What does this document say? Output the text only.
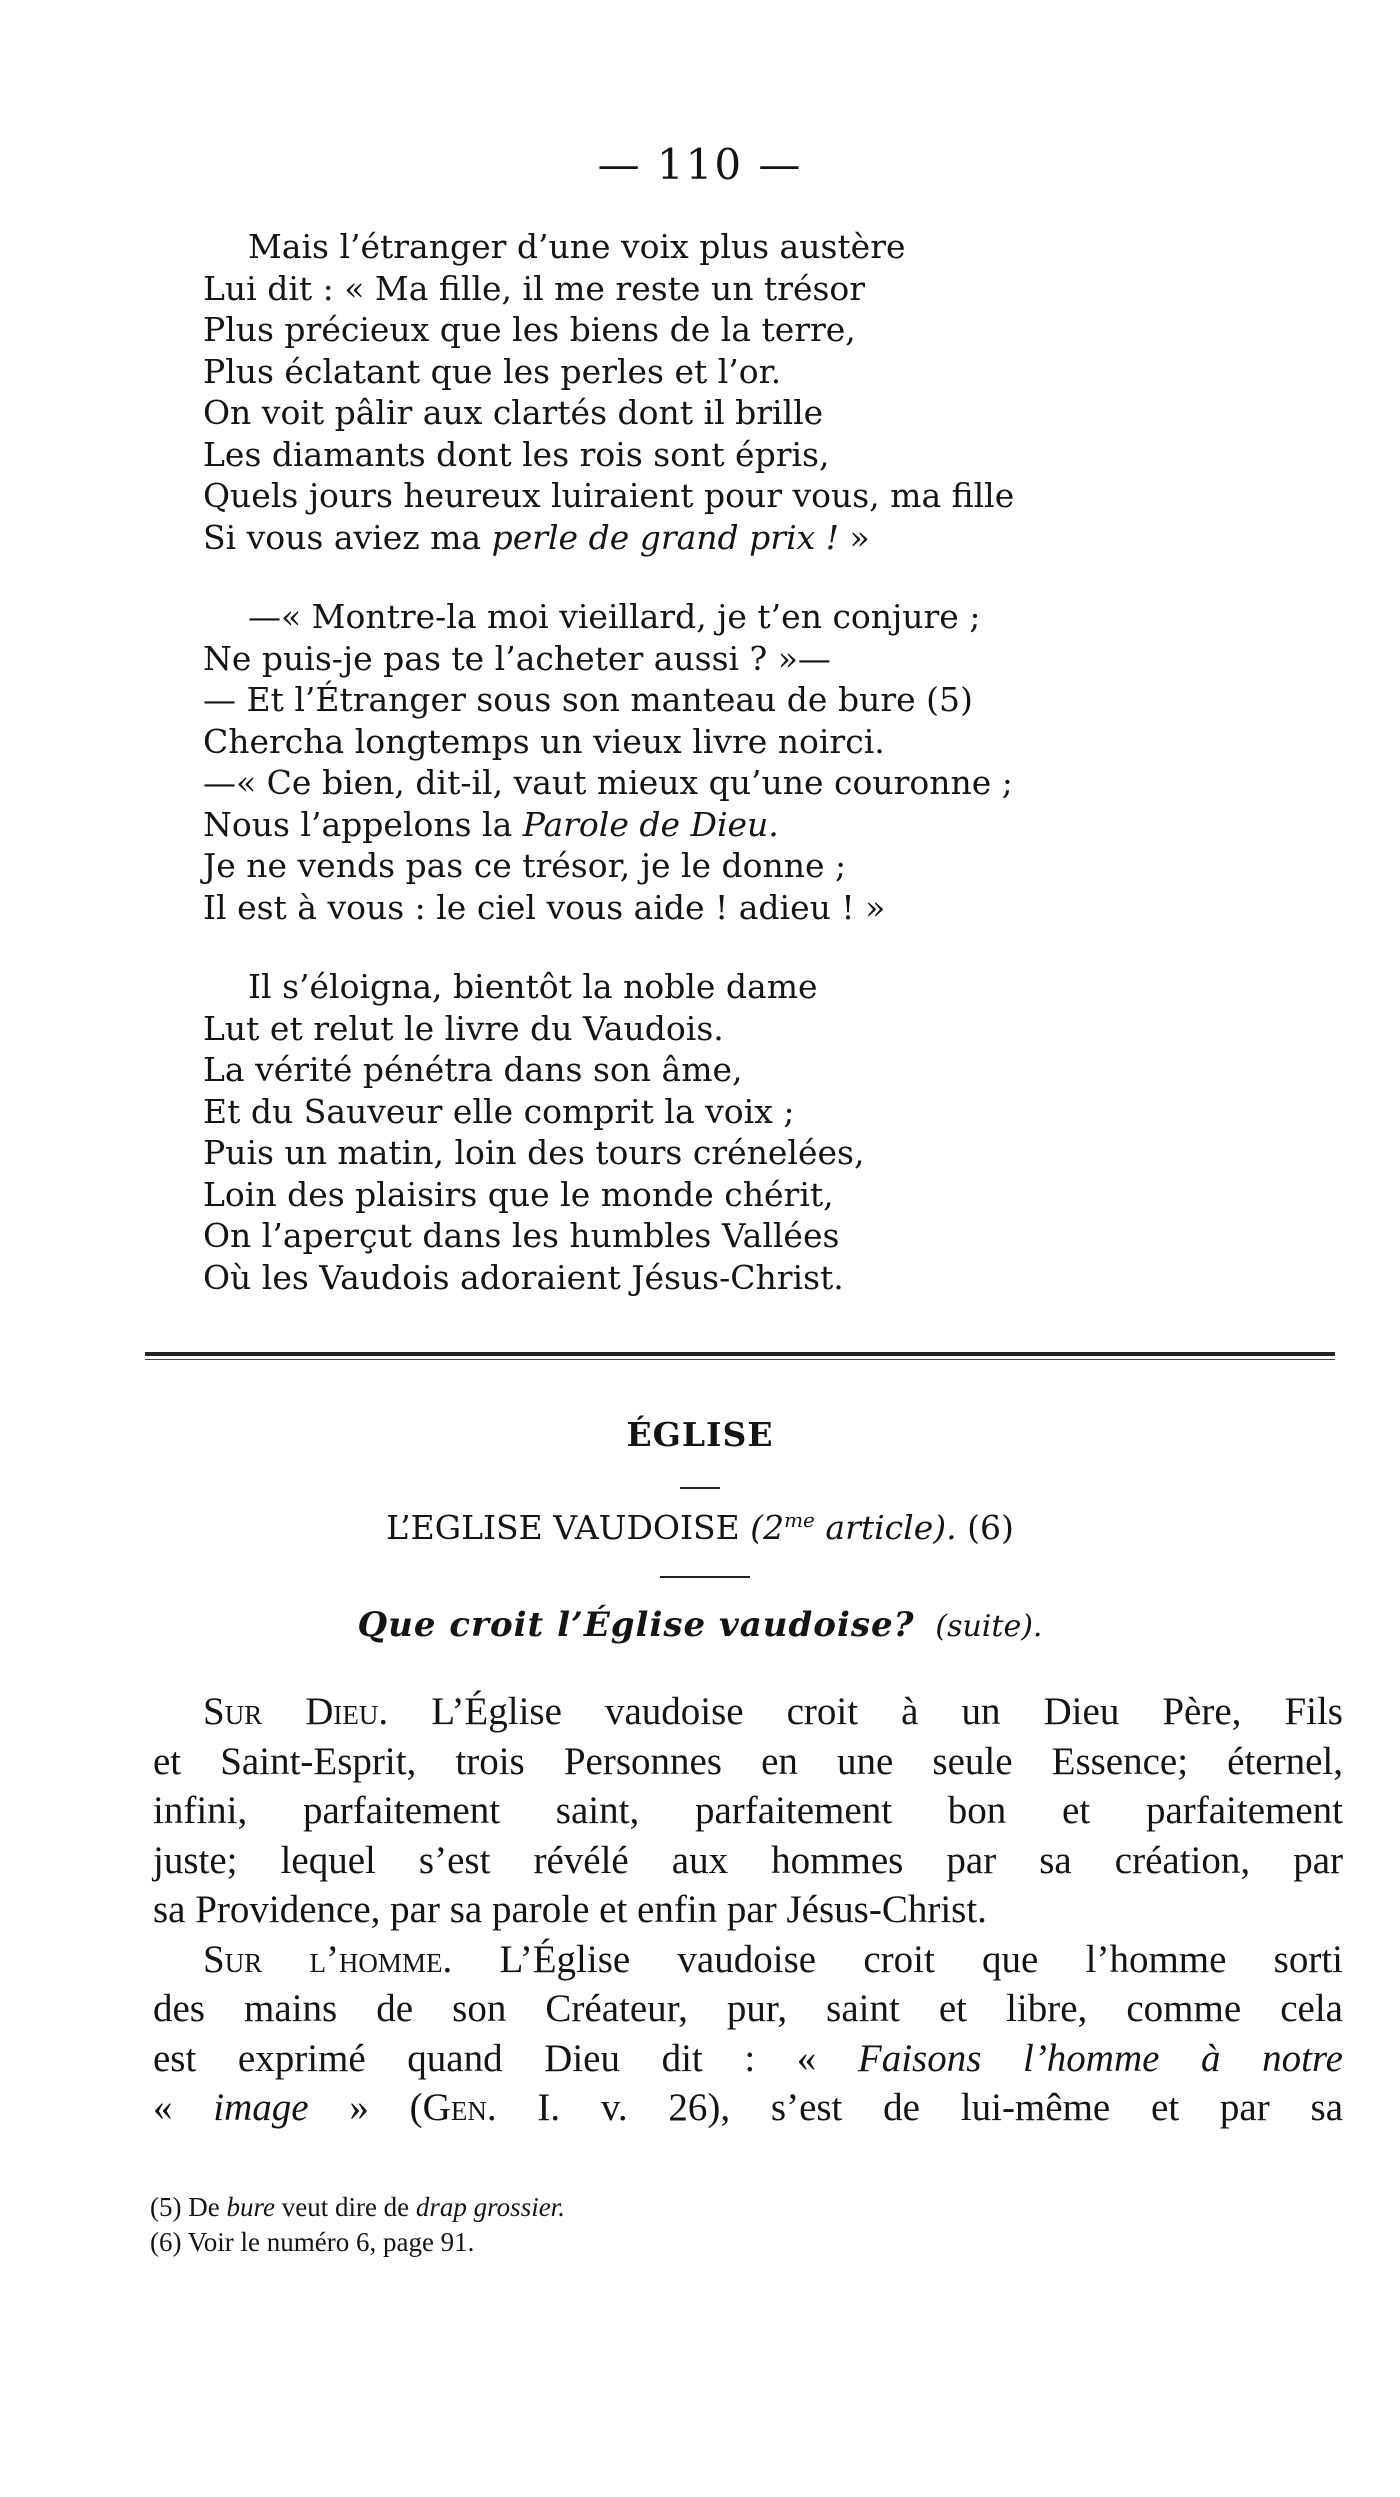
— 110 —
Mais l’étranger d’une voix plus austère
Lui dit : « Ma fille, il me reste un trésor
Plus précieux que les biens de la terre,
Plus éclatant que les perles et l’or.
On voit pâlir aux clartés dont il brille
Les diamants dont les rois sont épris,
Quels jours heureux luiraient pour vous, ma fille
Si vous aviez ma perle de grand prix ! »
—« Montre-la moi vieillard, je t’en conjure ;
Ne puis-je pas te l’acheter aussi ? »—
— Et l’Étranger sous son manteau de bure (5)
Chercha longtemps un vieux livre noirci.
—« Ce bien, dit-il, vaut mieux qu’une couronne ;
Nous l’appelons la Parole de Dieu.
Je ne vends pas ce trésor, je le donne ;
Il est à vous : le ciel vous aide ! adieu ! »
Il s’éloigna, bientôt la noble dame
Lut et relut le livre du Vaudois.
La vérité pénétra dans son âme,
Et du Sauveur elle comprit la voix ;
Puis un matin, loin des tours crénelées,
Loin des plaisirs que le monde chérit,
On l’aperçut dans les humbles Vallées
Où les Vaudois adoraient Jésus-Christ.
ÉGLISE
L’EGLISE VAUDOISE ($2^{me}$ article). (6)
Que croit l’Église vaudoise? (suite).
Sur Dieu. L’Église vaudoise croit à un Dieu Père, Fils
et Saint-Esprit, trois Personnes en une seule Essence; éternel,
infini, parfaitement saint, parfaitement bon et parfaitement
juste; lequel s’est révélé aux hommes par sa création, par
sa Providence, par sa parole et enfin par Jésus-Christ.
Sur l’homme. L’Église vaudoise croit que l’homme sorti
des mains de son Créateur, pur, saint et libre, comme cela
est exprimé quand Dieu dit : « Faisons l’homme à notre
« image » (Gen. I. v. 26), s’est de lui-même et par sa
(5) De bure veut dire de drap grossier.
(6) Voir le numéro 6, page 91.
